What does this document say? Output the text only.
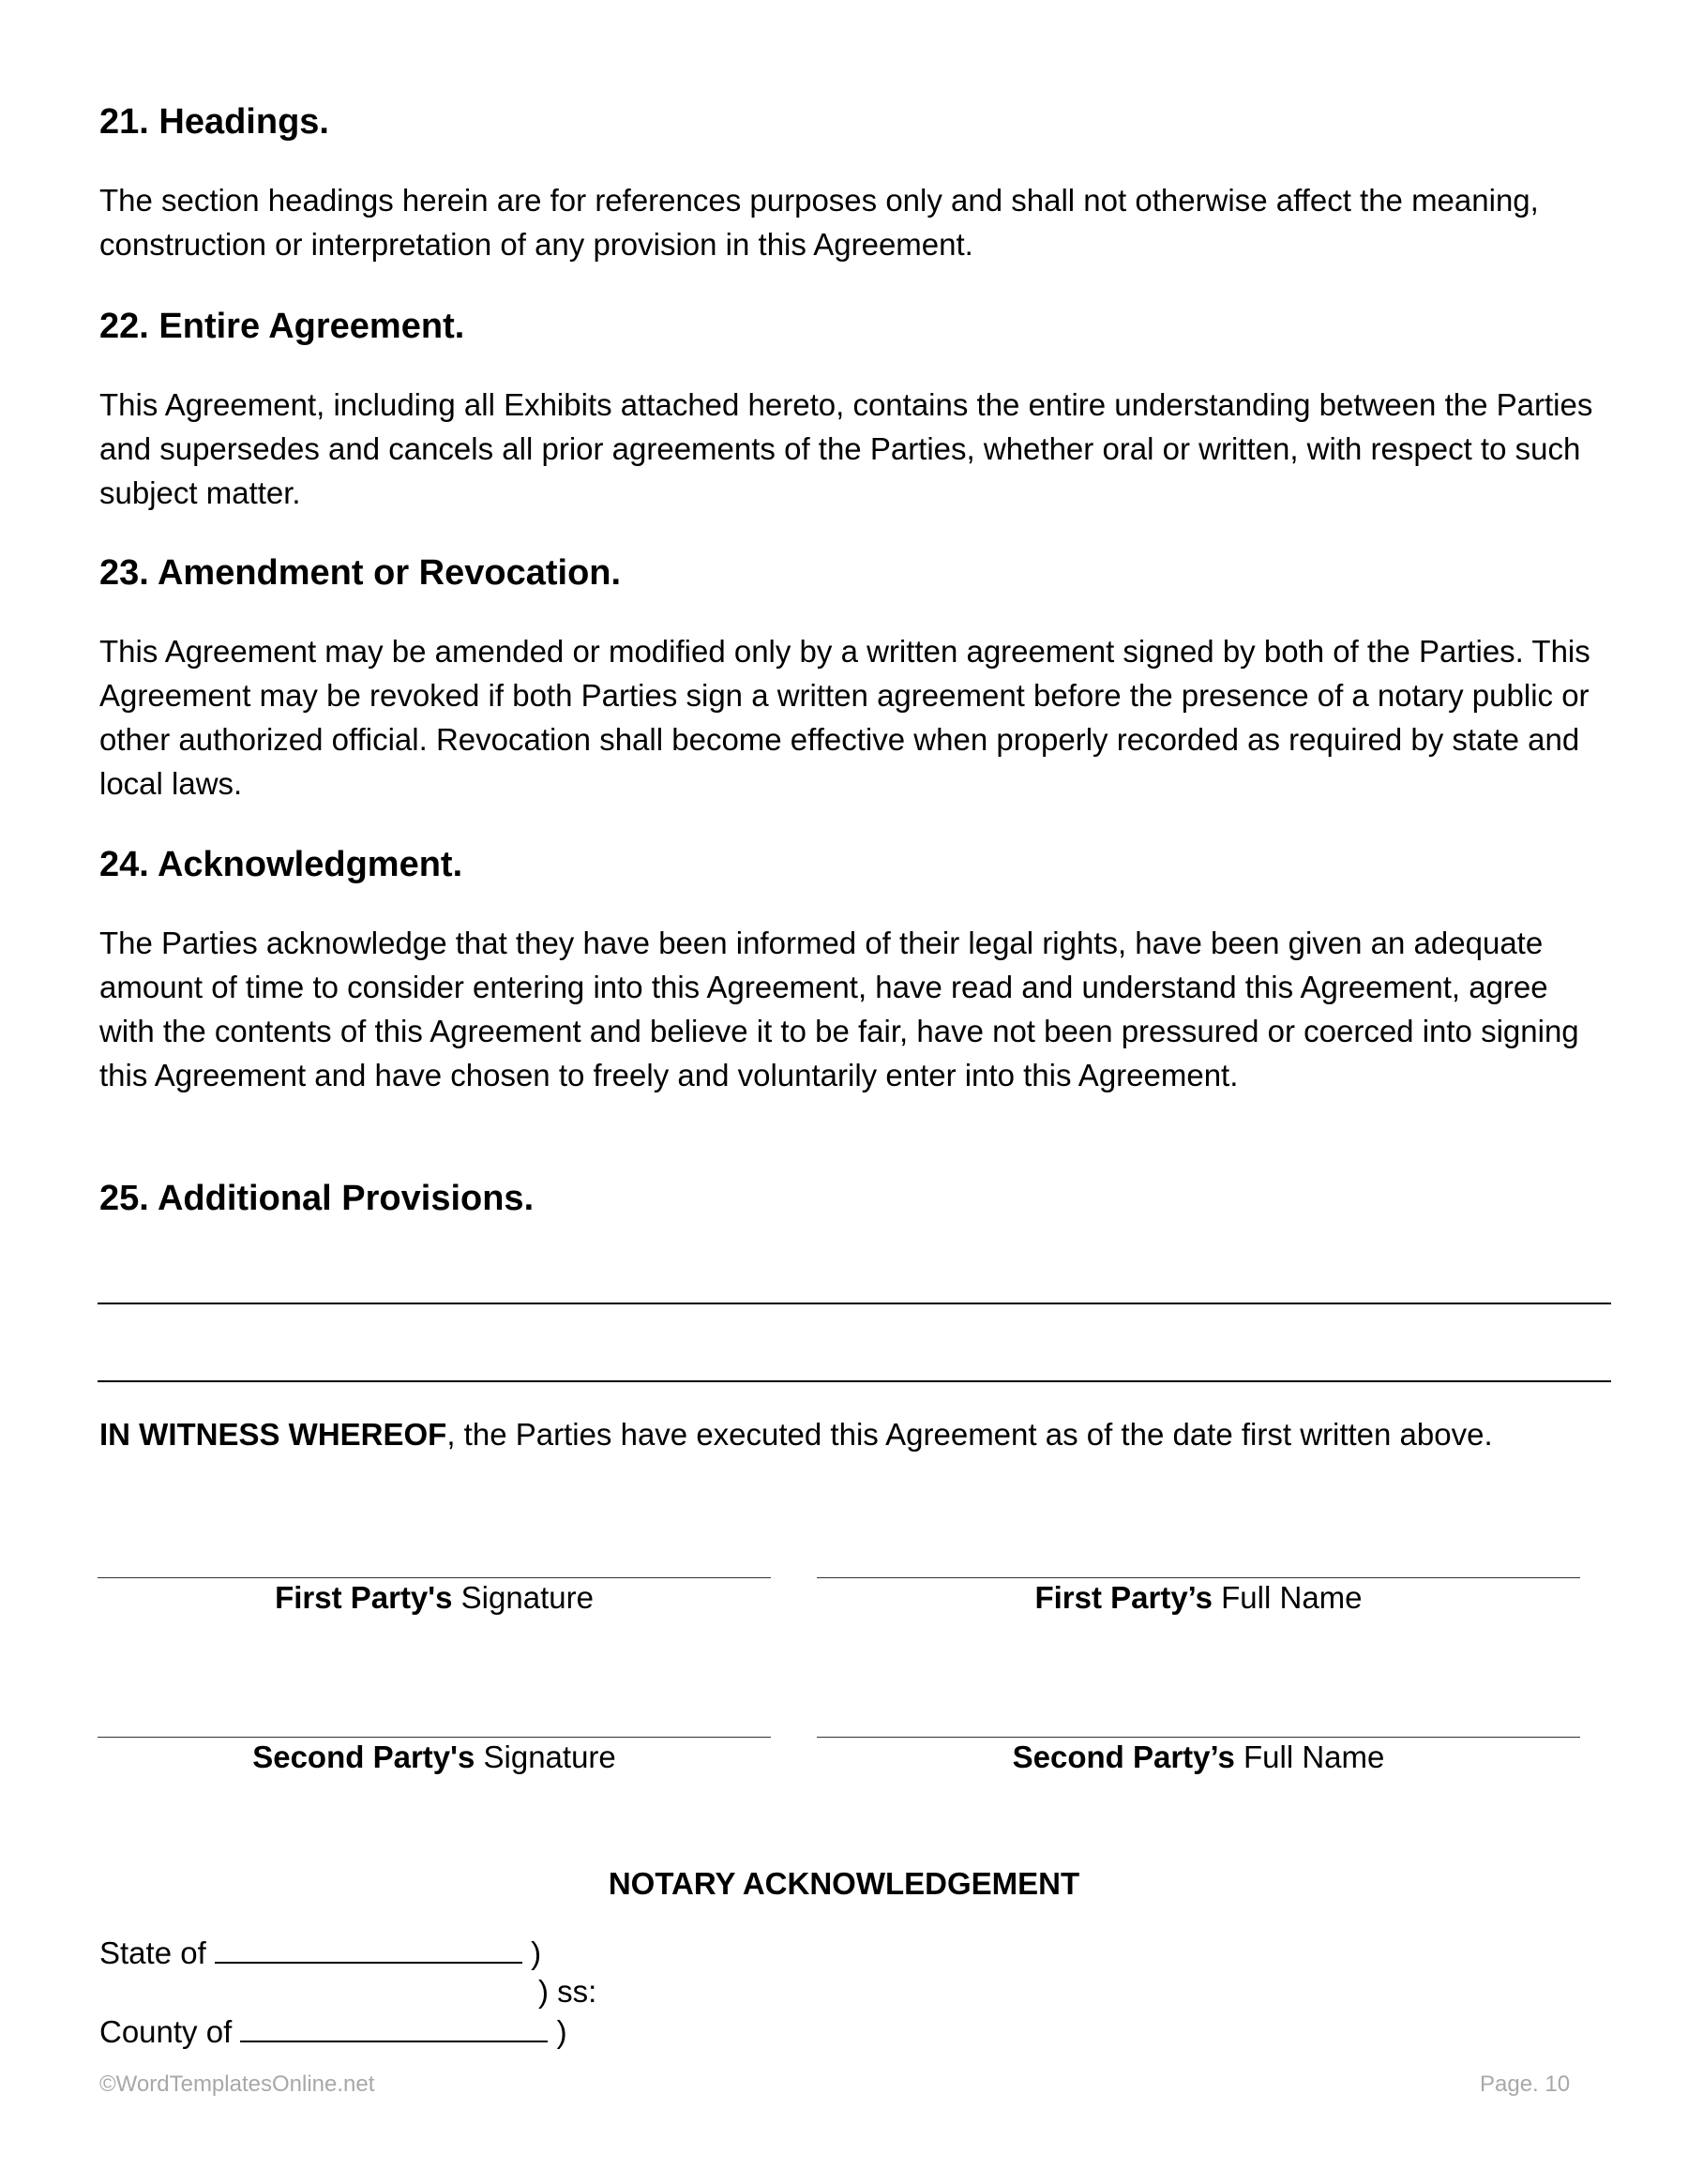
21. Headings.

The section headings herein are for references purposes only and shall not otherwise affect the meaning, construction or interpretation of any provision in this Agreement.

22. Entire Agreement.

This Agreement, including all Exhibits attached hereto, contains the entire understanding between the Parties and supersedes and cancels all prior agreements of the Parties, whether oral or written, with respect to such subject matter.

23. Amendment or Revocation.

This Agreement may be amended or modified only by a written agreement signed by both of the Parties. This Agreement may be revoked if both Parties sign a written agreement before the presence of a notary public or other authorized official. Revocation shall become effective when properly recorded as required by state and local laws.

24. Acknowledgment.

The Parties acknowledge that they have been informed of their legal rights, have been given an adequate amount of time to consider entering into this Agreement, have read and understand this Agreement, agree with the contents of this Agreement and believe it to be fair, have not been pressured or coerced into signing this Agreement and have chosen to freely and voluntarily enter into this Agreement.

25. Additional Provisions.

IN WITNESS WHEREOF, the Parties have executed this Agreement as of the date first written above.

First Party's Signature	First Party’s Full Name
Second Party's Signature	Second Party’s Full Name
NOTARY ACKNOWLEDGEMENT
State of	)
) ss:
County of	)
©WordTemplatesOnline.net	Page. 10
